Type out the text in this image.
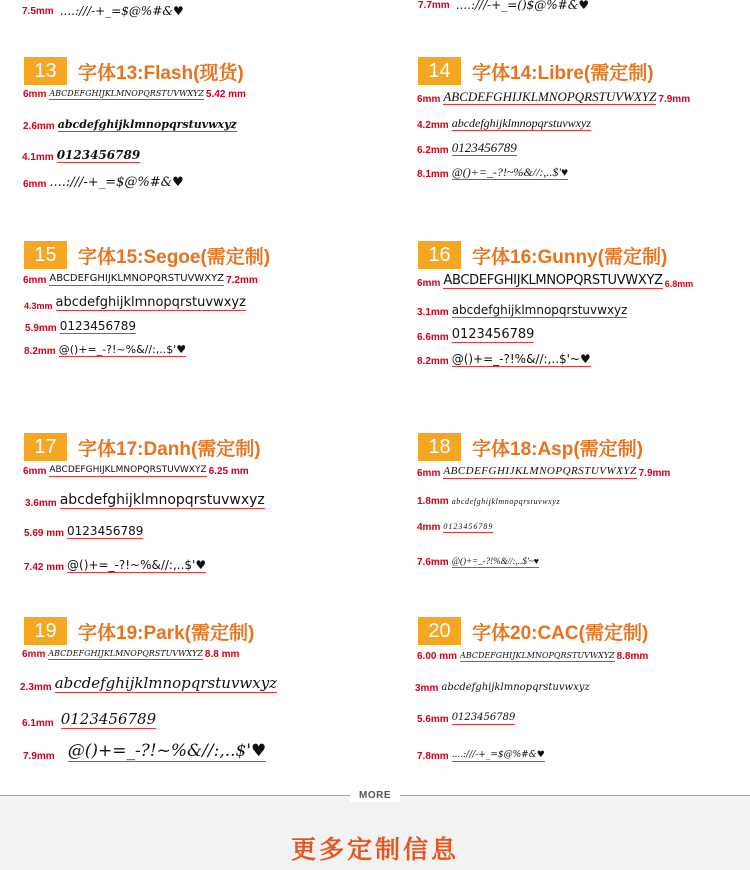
7.5mm ....:///-+_=$@%#&♥	7.7mm ....:///-+_=()$@%#&♥
13	字体13:Flash(现货)
6mm ABCDEFGHIJKLMNOPQRSTUVWXYZ 5.42 mm
2.6mm abcdefghijklmnopqrstuvwxyz
4.1mm 0123456789
6mm ....:///-+_=$@%#&♥
14	字体14:Libre(需定制)
6mm ABCDEFGHIJKLMNOPQRSTUVWXYZ 7.9mm
4.2mm abcdefghijklmnopqrstuvwxyz
6.2mm 0123456789
8.1mm @()+=_-?!~%&//:,..$'♥
15	字体15:Segoe(需定制)
6mm ABCDEFGHIJKLMNOPQRSTUVWXYZ 7.2mm
4.3mm abcdefghijklmnopqrstuvwxyz
5.9mm 0123456789
8.2mm @()+=_-?!~%&//:,..$'♥
16	字体16:Gunny(需定制)
6mm ABCDEFGHIJKLMNOPQRSTUVWXYZ 6.8mm
3.1mm abcdefghijklmnopqrstuvwxyz
6.6mm 0123456789
8.2mm @()+=_-?!%&//:,..$'~♥
17	字体17:Danh(需定制)
6mm ABCDEFGHIJKLMNOPQRSTUVWXYZ 6.25 mm
3.6mm abcdefghijklmnopqrstuvwxyz
5.69 mm 0123456789
7.42 mm @()+=_-?!~%&//:,..$'♥
18	字体18:Asp(需定制)
6mm ABCDEFGHIJKLMNOPQRSTUVWXYZ 7.9mm
1.8mm abcdefghijklmnopqrstuvwxyz
4mm 0123456789
7.6mm @()+=_-?!%&//:,..$'~♥
19	字体19:Park(需定制)
6mm ABCDEFGHIJKLMNOPQRSTUVWXYZ 8.8 mm
2.3mm abcdefghijklmnopqrstuvwxyz
6.1mm 0123456789
7.9mm @()+=_-?!~%&//:,..$'♥
20	字体20:CAC(需定制)
6.00 mm ABCDEFGHIJKLMNOPQRSTUVWXYZ 8.8mm
3mm abcdefghijklmnopqrstuvwxyz
5.6mm 0123456789
7.8mm ....:///-+_=$@%#&♥
MORE
更多定制信息
